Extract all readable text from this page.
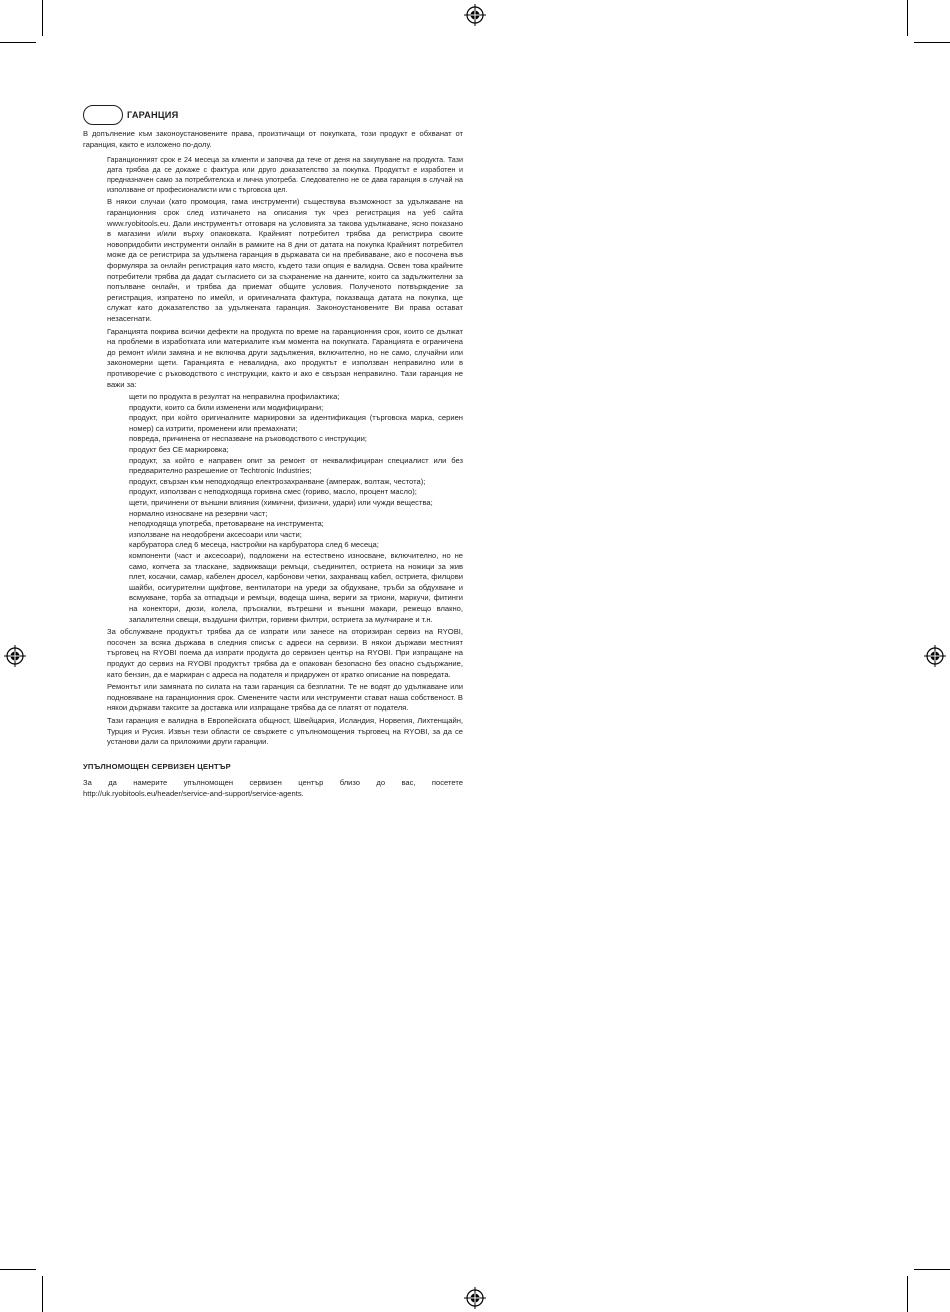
ГАРАНЦИЯ

В допълнение към законоустановените права, произтичащи от покупката, този продукт е обхванат от гаранция, както е изложено по-долу.

Гаранционният срок е 24 месеца за клиенти и започва да тече от деня на закупуване на продукта. Тази дата трябва да се докаже с фактура или друго доказателство за покупка. Продуктът е изработен и предназначен само за потребителска и лична употреба. Следователно не се дава гаранция в случай на използване от професионалисти или с търговска цел.

В някои случаи (като промоция, гама инструменти) съществува възможност за удължаване на гаранционния срок след изтичането на описания тук чрез регистрация на уеб сайта www.ryobitools.eu. Дали инструментът отговаря на условията за такова удължаване, ясно показано в магазини и/или върху опаковката. Крайният потребител трябва да регистрира своите новопридобити инструменти онлайн в рамките на 8 дни от датата на покупка Крайният потребител може да се регистрира за удължена гаранция в държавата си на пребиваване, ако е посочена във формуляра за онлайн регистрация като място, където тази опция е валидна. Освен това крайните потребители трябва да дадат съгласието си за съхранение на данните, които са задължителни за попълване онлайн, и трябва да приемат общите условия. Полученото потвърждение за регистрация, изпратено по имейл, и оригиналната фактура, показваща датата на покупка, ще служат като доказателство за удължената гаранция. Законоустановените Ви права остават незасегнати.

Гаранцията покрива всички дефекти на продукта по време на гаранционния срок, които се дължат на проблеми в изработката или материалите към момента на покупката. Гаранцията е ограничена до ремонт и/или замяна и не включва други задължения, включително, но не само, случайни или закономерни щети. Гаранцията е невалидна, ако продуктът е използван неправилно или в противоречие с ръководството с инструкции, както и ако е свързан неправилно. Тази гаранция не важи за:

щети по продукта в резултат на неправилна профилактика;
продукти, които са били изменени или модифицирани;
продукт, при който оригиналните маркировки за идентификация (търговска марка, сериен номер) са изтрити, променени или премахнати;
повреда, причинена от неспазване на ръководството с инструкции;
продукт без CE маркировка;
продукт, за който е направен опит за ремонт от неквалифициран специалист или без предварително разрешение от Techtronic Industries;
продукт, свързан към неподходящо електрозахранване (ампераж, волтаж, честота);
продукт, използван с неподходяща горивна смес (гориво, масло, процент масло);
щети, причинени от външни влияния (химични, физични, удари) или чужди вещества;
нормално износване на резервни част;
неподходяща употреба, претоварване на инструмента;
използване на неодобрени аксесоари или части;
карбуратора след 6 месеца, настройки на карбуратора след 6 месеца;
компоненти (част и аксесоари), подложени на естествено износване, включително, но не само, копчета за тласкане, задвижващи ремъци, съединител, остриета на ножици за жив плет, косачки, самар, кабелен дросел, карбонови четки, захранващ кабел, остриета, филцови шайби, осигурителни щифтове, вентилатори на уреди за обдухване, тръби за обдухване и всмукване, торба за отпадъци и ремъци, водеща шина, вериги за триони, маркучи, фитинги на конектори, дюзи, колела, пръскалки, вътрешни и външни макари, режещо влакно, запалителни свещи, въздушни филтри, горивни филтри, остриета за мулчиране и т.н.

За обслужване продуктът трябва да се изпрати или занесе на оторизиран сервиз на RYOBI, посочен за всяка държава в следния списък с адреси на сервизи. В някои държави местният търговец на RYOBI поема да изпрати продукта до сервизен център на RYOBI. При изпращане на продукт до сервиз на RYOBI продуктът трябва да е опакован безопасно без опасно съдържание, като бензин, да е маркиран с адреса на подателя и придружен от кратко описание на повредата.

Ремонтът или замяната по силата на тази гаранция са безплатни. Те не водят до удължаване или подновяване на гаранционния срок. Сменените части или инструменти стават наша собственост. В някои държави таксите за доставка или изпращане трябва да се платят от подателя.

Тази гаранция е валидна в Европейската общност, Швейцария, Исландия, Норвегия, Лихтенщайн, Турция и Русия. Извън тези области се свържете с упълномощения търговец на RYOBI, за да се установи дали са приложими други гаранции.

УПЪЛНОМОЩЕН СЕРВИЗЕН ЦЕНТЪР

За да намерите упълномощен сервизен център близо до вас, посетете http://uk.ryobitools.eu/header/service-and-support/service-agents.
